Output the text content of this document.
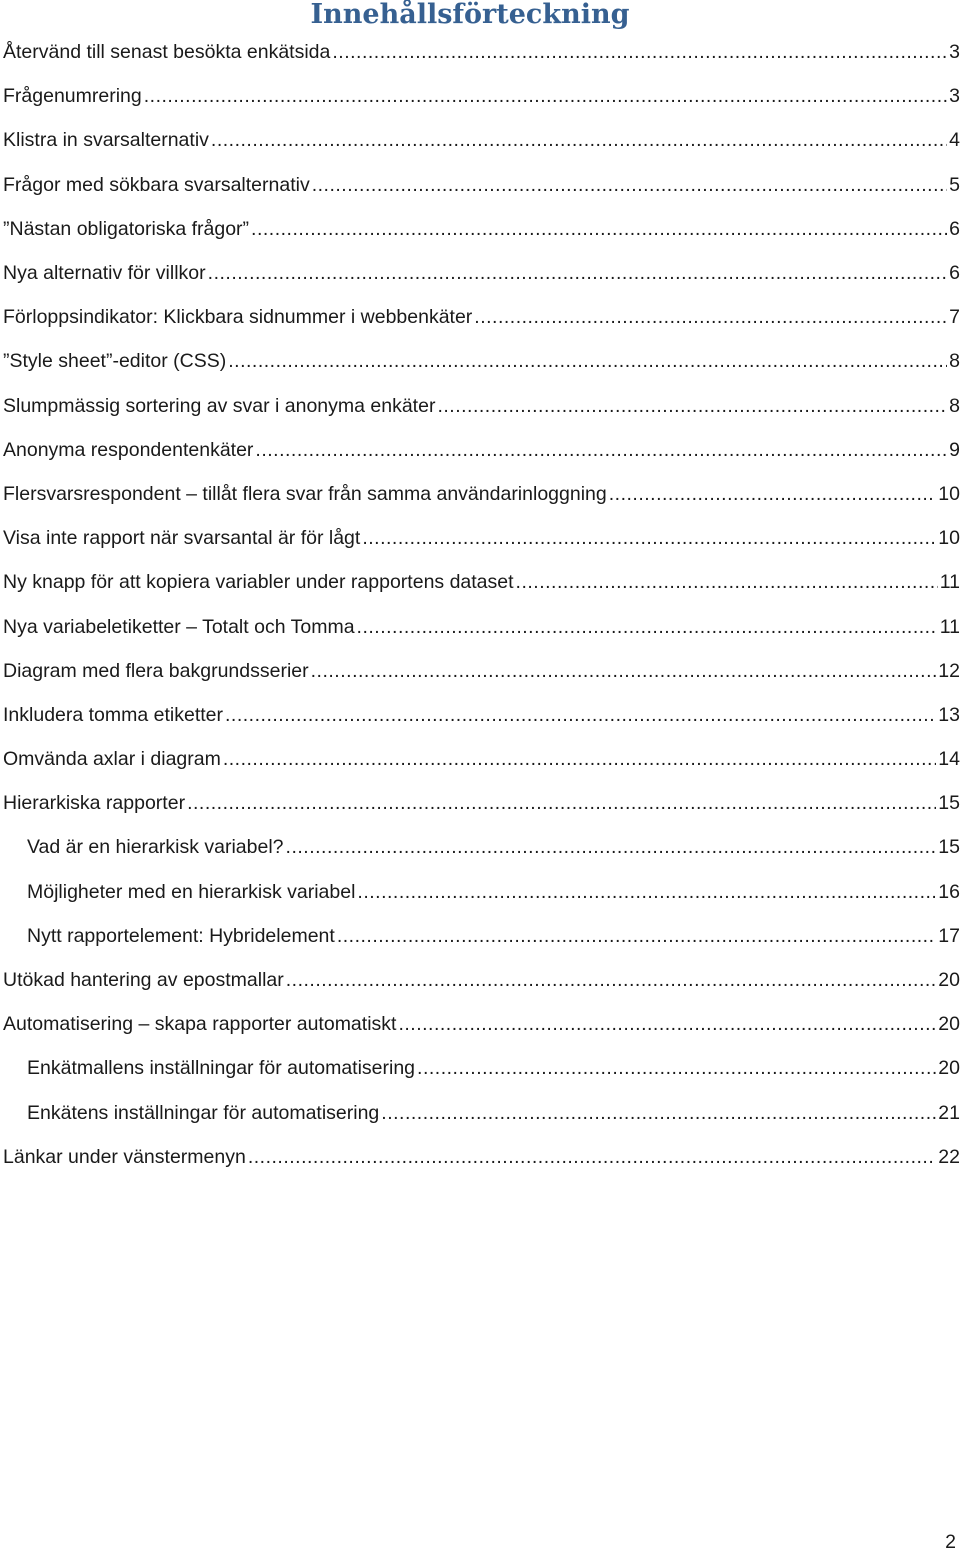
Innehållsförteckning
Återvänd till senast besökta enkätsida .....	3
Frågenumrering .....	3
Klistra in svarsalternativ .....	4
Frågor med sökbara svarsalternativ .....	5
”Nästan obligatoriska frågor” .....	6
Nya alternativ för villkor .....	6
Förloppsindikator: Klickbara sidnummer i webbenkäter .....	7
”Style sheet”-editor (CSS) .....	8
Slumpmässig sortering av svar i anonyma enkäter .....	8
Anonyma respondentenkäter .....	9
Flersvarsrespondent – tillåt flera svar från samma användarinloggning .....	10
Visa inte rapport när svarsantal är för lågt .....	10
Ny knapp för att kopiera variabler under rapportens dataset .....	11
Nya variabeletiketter – Totalt och Tomma .....	11
Diagram med flera bakgrundsserier .....	12
Inkludera tomma etiketter .....	13
Omvända axlar i diagram .....	14
Hierarkiska rapporter .....	15
Vad är en hierarkisk variabel? .....	15
Möjligheter med en hierarkisk variabel .....	16
Nytt rapportelement: Hybridelement .....	17
Utökad hantering av epostmallar .....	20
Automatisering – skapa rapporter automatiskt .....	20
Enkätmallens inställningar för automatisering .....	20
Enkätens inställningar för automatisering .....	21
Länkar under vänstermenyn .....	22
2
